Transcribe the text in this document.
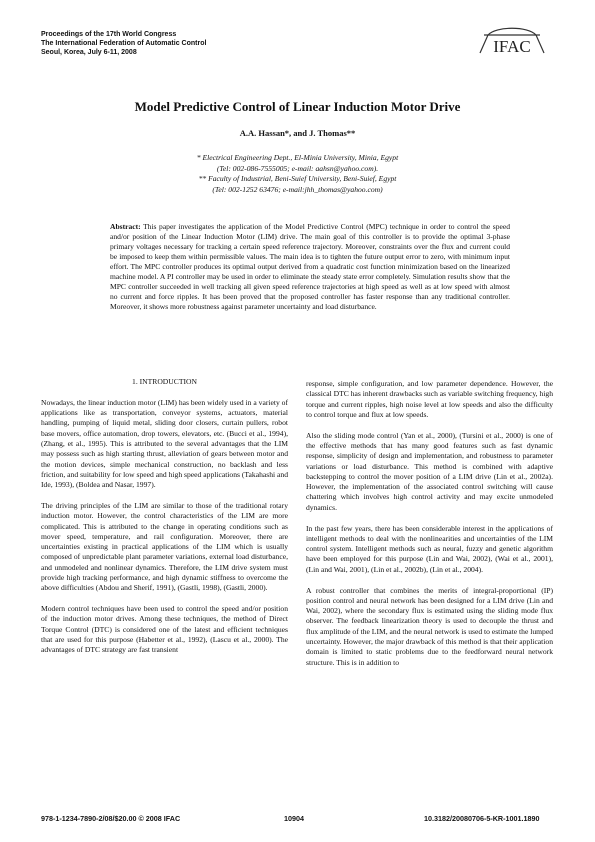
Proceedings of the 17th World Congress
The International Federation of Automatic Control
Seoul, Korea, July 6-11, 2008	IFAC
Model Predictive Control of Linear Induction Motor Drive
A.A. Hassan*, and J. Thomas**
* Electrical Engineering Dept., El-Minia University, Minia, Egypt
(Tel: 002-086-7555005; e-mail: aahsn@yahoo.com).
** Faculty of Industrial, Beni-Suief University, Beni-Suief, Egypt
(Tel: 002-1252 63476; e-mail:jhh_thomas@yahoo.com)
Abstract: This paper investigates the application of the Model Predictive Control (MPC) technique in order to control the speed and/or position of the Linear Induction Motor (LIM) drive. The main goal of this controller is to provide the optimal 3-phase primary voltages necessary for tracking a certain speed reference trajectory. Moreover, constraints over the flux and current could be imposed to keep them within permissible values. The main idea is to tighten the future output error to zero, with minimum input effort. The MPC controller produces its optimal output derived from a quadratic cost function minimization based on the linearized machine model. A PI controller may be used in order to eliminate the steady state error completely. Simulation results show that the MPC controller succeeded in well tracking all given speed reference trajectories at high speed as well as at low speed with almost no current and force ripples. It has been proved that the proposed controller has faster response than any traditional controller. Moreover, it shows more robustness against parameter uncertainty and load disturbance.
1. INTRODUCTION

Nowadays, the linear induction motor (LIM) has been widely used in a variety of applications like as transportation, conveyor systems, actuators, material handling, pumping of liquid metal, sliding door closers, curtain pullers, robot base movers, office automation, drop towers, elevators, etc. (Bucci et al., 1994), (Zhang, et al., 1995). This is attributed to the several advantages that the LIM may possess such as high starting thrust, alleviation of gears between motor and the motion devices, simple mechanical construction, no backlash and less friction, and suitability for low speed and high speed applications (Takahashi and Ide, 1993), (Boldea and Nasar, 1997).

The driving principles of the LIM are similar to those of the traditional rotary induction motor. However, the control characteristics of the LIM are more complicated. This is attributed to the change in operating conditions such as mover speed, temperature, and rail configuration. Moreover, there are uncertainties existing in practical applications of the LIM which is usually composed of unpredictable plant parameter variations, external load disturbance, and unmodeled and nonlinear dynamics. Therefore, the LIM drive system must provide high tracking performance, and high dynamic stiffness to overcome the above difficulties (Abdou and Sherif, 1991), (Gastli, 1998), (Gastli, 2000).

Modern control techniques have been used to control the speed and/or position of the induction motor drives. Among these techniques, the method of Direct Torque Control (DTC) is considered one of the latest and efficient techniques that are used for this purpose (Habetter et al., 1992), (Lascu et al., 2000). The advantages of DTC strategy are fast transient

response, simple configuration, and low parameter dependence. However, the classical DTC has inherent drawbacks such as variable switching frequency, high torque and current ripples, high noise level at low speeds and also the difficulty to control torque and flux at low speeds.

Also the sliding mode control (Yan et al., 2000), (Tursini et al., 2000) is one of the effective methods that has many good features such as fast dynamic response, simplicity of design and implementation, and robustness to parameter variations or load disturbance. This method is combined with adaptive backstepping to control the mover position of a LIM drive (Lin et al., 2002a). However, the implementation of the associated control switching will cause chattering which involves high control activity and may excite unmodeled dynamics.

In the past few years, there has been considerable interest in the applications of intelligent methods to deal with the nonlinearities and uncertainties of the LIM control system. Intelligent methods such as neural, fuzzy and genetic algorithm have been employed for this purpose (Lin and Wai, 2002), (Wai et al., 2001), (Lin and Wai, 2001), (Lin et al., 2002b), (Lin et al., 2004).

A robust controller that combines the merits of integral-proportional (IP) position control and neural network has been designed for a LIM drive (Lin and Wai, 2002), where the secondary flux is estimated using the sliding mode flux observer. The feedback linearization theory is used to decouple the thrust and flux amplitude of the LIM, and the neural network is used to estimate the lumped uncertainty. However, the major drawback of this method is that their application domain is limited to static problems due to the feedforward neural network structure. This is in addition to

978-1-1234-7890-2/08/$20.00 © 2008 IFAC	10904	10.3182/20080706-5-KR-1001.1890
